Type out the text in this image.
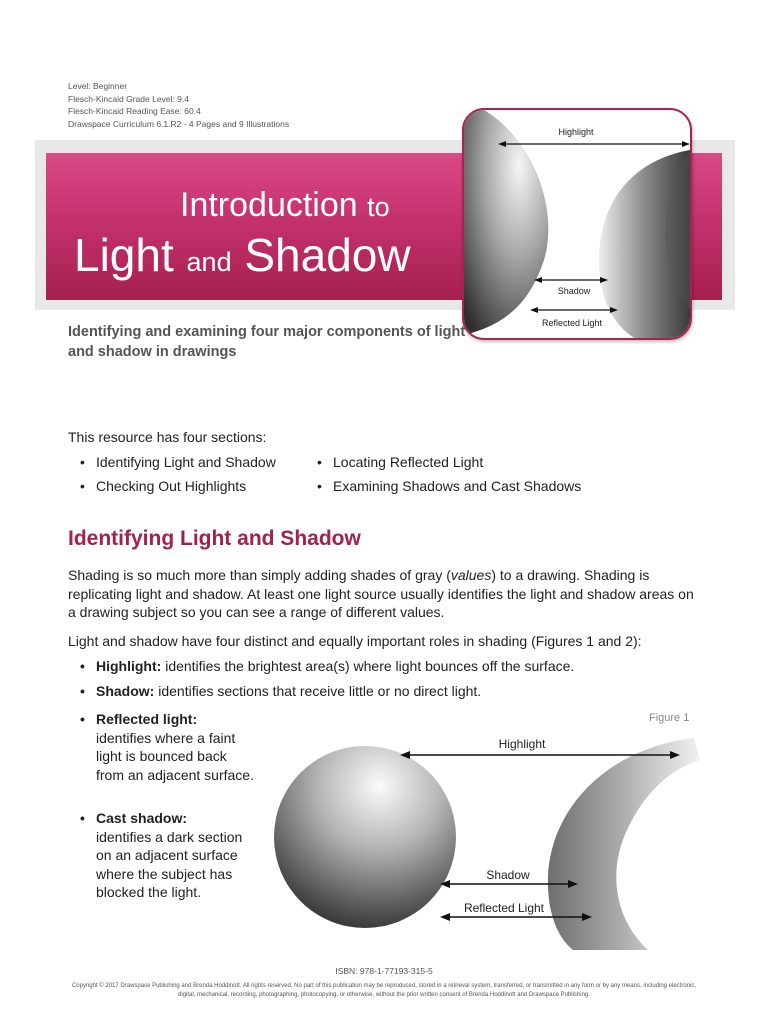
Level: Beginner
Flesch-Kincaid Grade Level: 9.4
Flesch-Kincaid Reading Ease: 60.4
Drawspace Curriculum 6.1.R2 - 4 Pages and 9 Illustrations
Introduction to
Light and Shadow
Highlight
Shadow
Reflected Light
Identifying and examining four major components of light and shadow in drawings
This resource has four sections:
• Identifying Light and Shadow
• Checking Out Highlights
• Locating Reflected Light
• Examining Shadows and Cast Shadows
Identifying Light and Shadow
Shading is so much more than simply adding shades of gray (values) to a drawing. Shading is replicating light and shadow. At least one light source usually identifies the light and shadow areas on a drawing subject so you can see a range of different values.
Light and shadow have four distinct and equally important roles in shading (Figures 1 and 2):
• Highlight: identifies the brightest area(s) where light bounces off the surface.
• Shadow: identifies sections that receive little or no direct light.
• Reflected light:
identifies where a faint light is bounced back from an adjacent surface.
• Cast shadow:
identifies a dark section on an adjacent surface where the subject has blocked the light.
Figure 1
Highlight
Shadow
Reflected Light
ISBN: 978-1-77193-315-5
Copyright © 2017 Drawspace Publishing and Brenda Hoddinott. All rights reserved. No part of this publication may be reproduced, stored in a retrieval system, transferred, or transmitted in any form or by any means, including electronic, digital, mechanical, recording, photographing, photocopying, or otherwise, without the prior written consent of Brenda Hoddinott and Drawspace Publishing.
